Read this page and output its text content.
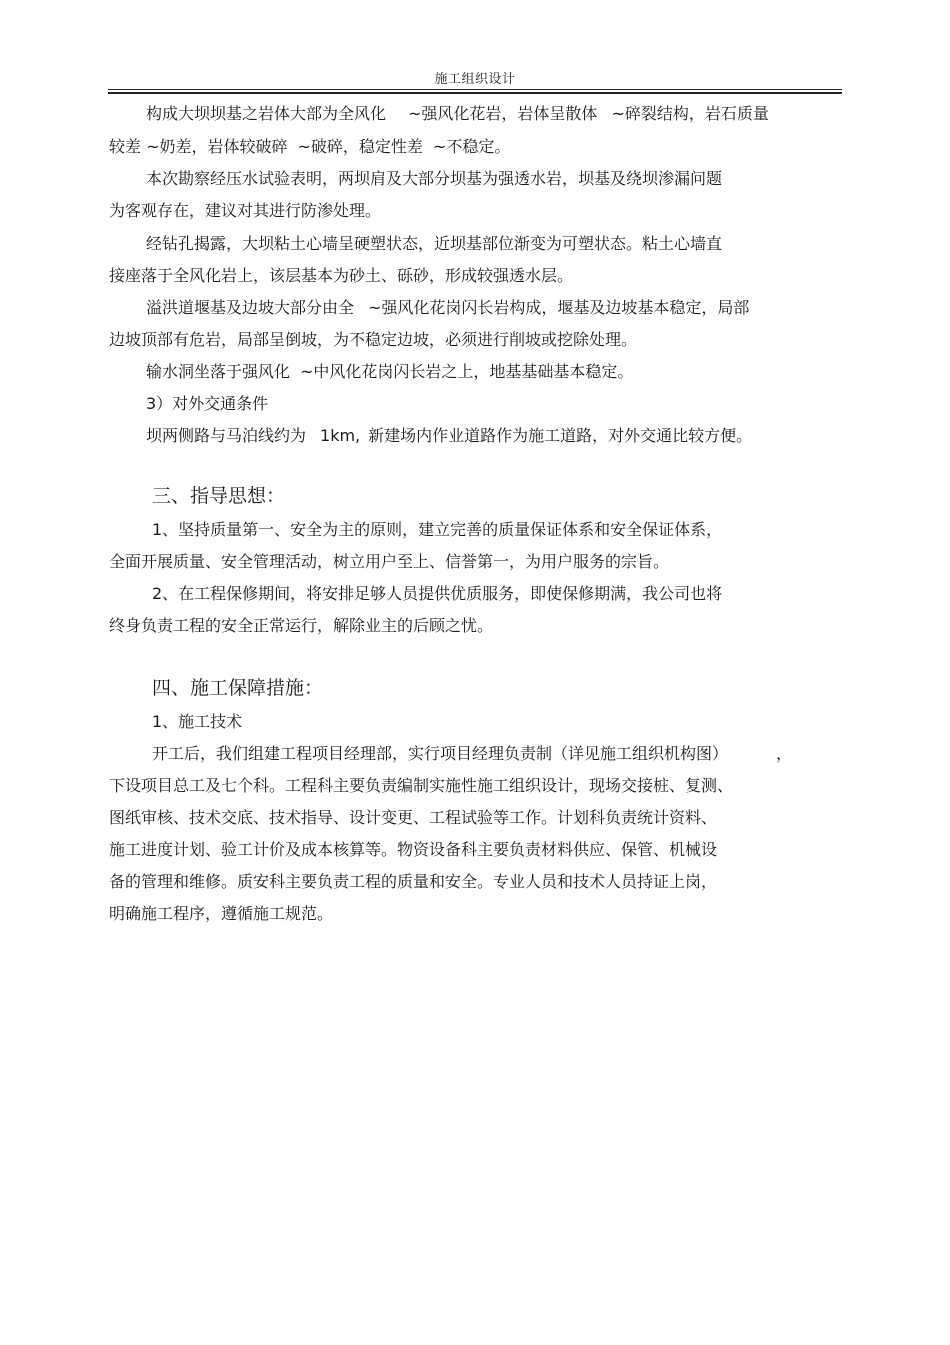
施工组织设计
构成大坝坝基之岩体大部为全风化 ~强风化花岩，岩体呈散体 ~碎裂结构，岩石质量
较差 ~奶差，岩体较破碎 ~破碎，稳定性差 ~不稳定。
本次勘察经压水试验表明，两坝肩及大部分坝基为强透水岩，坝基及绕坝渗漏问题
为客观存在，建议对其进行防渗处理。
经钻孔揭露，大坝粘土心墙呈硬塑状态，近坝基部位渐变为可塑状态。粘土心墙直
接座落于全风化岩上，该层基本为砂土、砾砂，形成较强透水层。
溢洪道堰基及边坡大部分由全 ~强风化花岗闪长岩构成，堰基及边坡基本稳定，局部
边坡顶部有危岩，局部呈倒坡，为不稳定边坡，必须进行削坡或挖除处理。
输水洞坐落于强风化 ~中风化花岗闪长岩之上，地基基础基本稳定。
3）对外交通条件
坝两侧路与马泊线约为 1km, 新建场内作业道路作为施工道路，对外交通比较方便。
三、指导思想：
1、坚持质量第一、安全为主的原则，建立完善的质量保证体系和安全保证体系，
全面开展质量、安全管理活动，树立用户至上、信誉第一，为用户服务的宗旨。
2、在工程保修期间，将安排足够人员提供优质服务，即使保修期满，我公司也将
终身负责工程的安全正常运行，解除业主的后顾之忧。
四、施工保障措施：
1、施工技术
开工后，我们组建工程项目经理部，实行项目经理负责制（详见施工组织机构图）	，
下设项目总工及七个科。工程科主要负责编制实施性施工组织设计，现场交接桩、复测、
图纸审核、技术交底、技术指导、设计变更、工程试验等工作。计划科负责统计资料、
施工进度计划、验工计价及成本核算等。物资设备科主要负责材料供应、保管、机械设
备的管理和维修。质安科主要负责工程的质量和安全。专业人员和技术人员持证上岗，
明确施工程序，遵循施工规范。
